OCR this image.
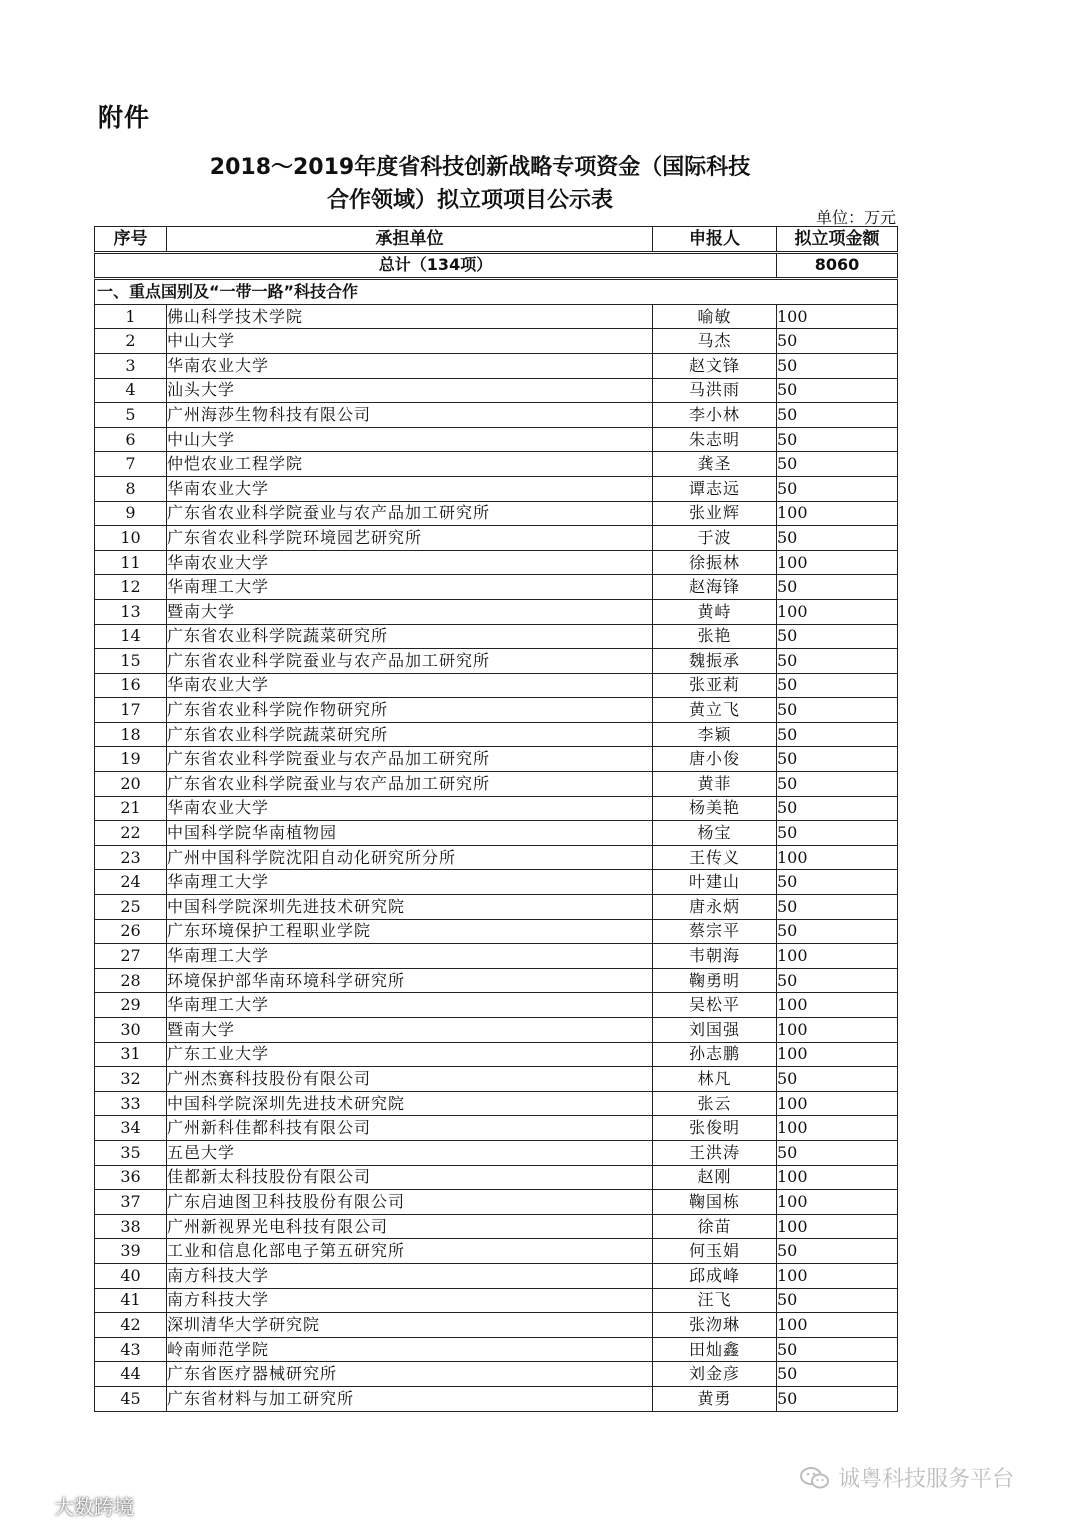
附件
2018～2019年度省科技创新战略专项资金（国际科技
合作领域）拟立项项目公示表
单位：万元
序号	承担单位	申报人	拟立项金额
总计（134项）			8060
一、重点国别及“一带一路”科技合作			
1	佛山科学技术学院	喻敏	100
2	中山大学	马杰	50
3	华南农业大学	赵文锋	50
4	汕头大学	马洪雨	50
5	广州海莎生物科技有限公司	李小林	50
6	中山大学	朱志明	50
7	仲恺农业工程学院	龚圣	50
8	华南农业大学	谭志远	50
9	广东省农业科学院蚕业与农产品加工研究所	张业辉	100
10	广东省农业科学院环境园艺研究所	于波	50
11	华南农业大学	徐振林	100
12	华南理工大学	赵海锋	50
13	暨南大学	黄峙	100
14	广东省农业科学院蔬菜研究所	张艳	50
15	广东省农业科学院蚕业与农产品加工研究所	魏振承	50
16	华南农业大学	张亚莉	50
17	广东省农业科学院作物研究所	黄立飞	50
18	广东省农业科学院蔬菜研究所	李颖	50
19	广东省农业科学院蚕业与农产品加工研究所	唐小俊	50
20	广东省农业科学院蚕业与农产品加工研究所	黄菲	50
21	华南农业大学	杨美艳	50
22	中国科学院华南植物园	杨宝	50
23	广州中国科学院沈阳自动化研究所分所	王传义	100
24	华南理工大学	叶建山	50
25	中国科学院深圳先进技术研究院	唐永炳	50
26	广东环境保护工程职业学院	蔡宗平	50
27	华南理工大学	韦朝海	100
28	环境保护部华南环境科学研究所	鞠勇明	50
29	华南理工大学	吴松平	100
30	暨南大学	刘国强	100
31	广东工业大学	孙志鹏	100
32	广州杰赛科技股份有限公司	林凡	50
33	中国科学院深圳先进技术研究院	张云	100
34	广州新科佳都科技有限公司	张俊明	100
35	五邑大学	王洪涛	50
36	佳都新太科技股份有限公司	赵刚	100
37	广东启迪图卫科技股份有限公司	鞠国栋	100
38	广州新视界光电科技有限公司	徐苗	100
39	工业和信息化部电子第五研究所	何玉娟	50
40	南方科技大学	邱成峰	100
41	南方科技大学	汪飞	50
42	深圳清华大学研究院	张沕琳	100
43	岭南师范学院	田灿鑫	50
44	广东省医疗器械研究所	刘金彦	50
45	广东省材料与加工研究所	黄勇	50
大数跨境
诚粤科技服务平台
